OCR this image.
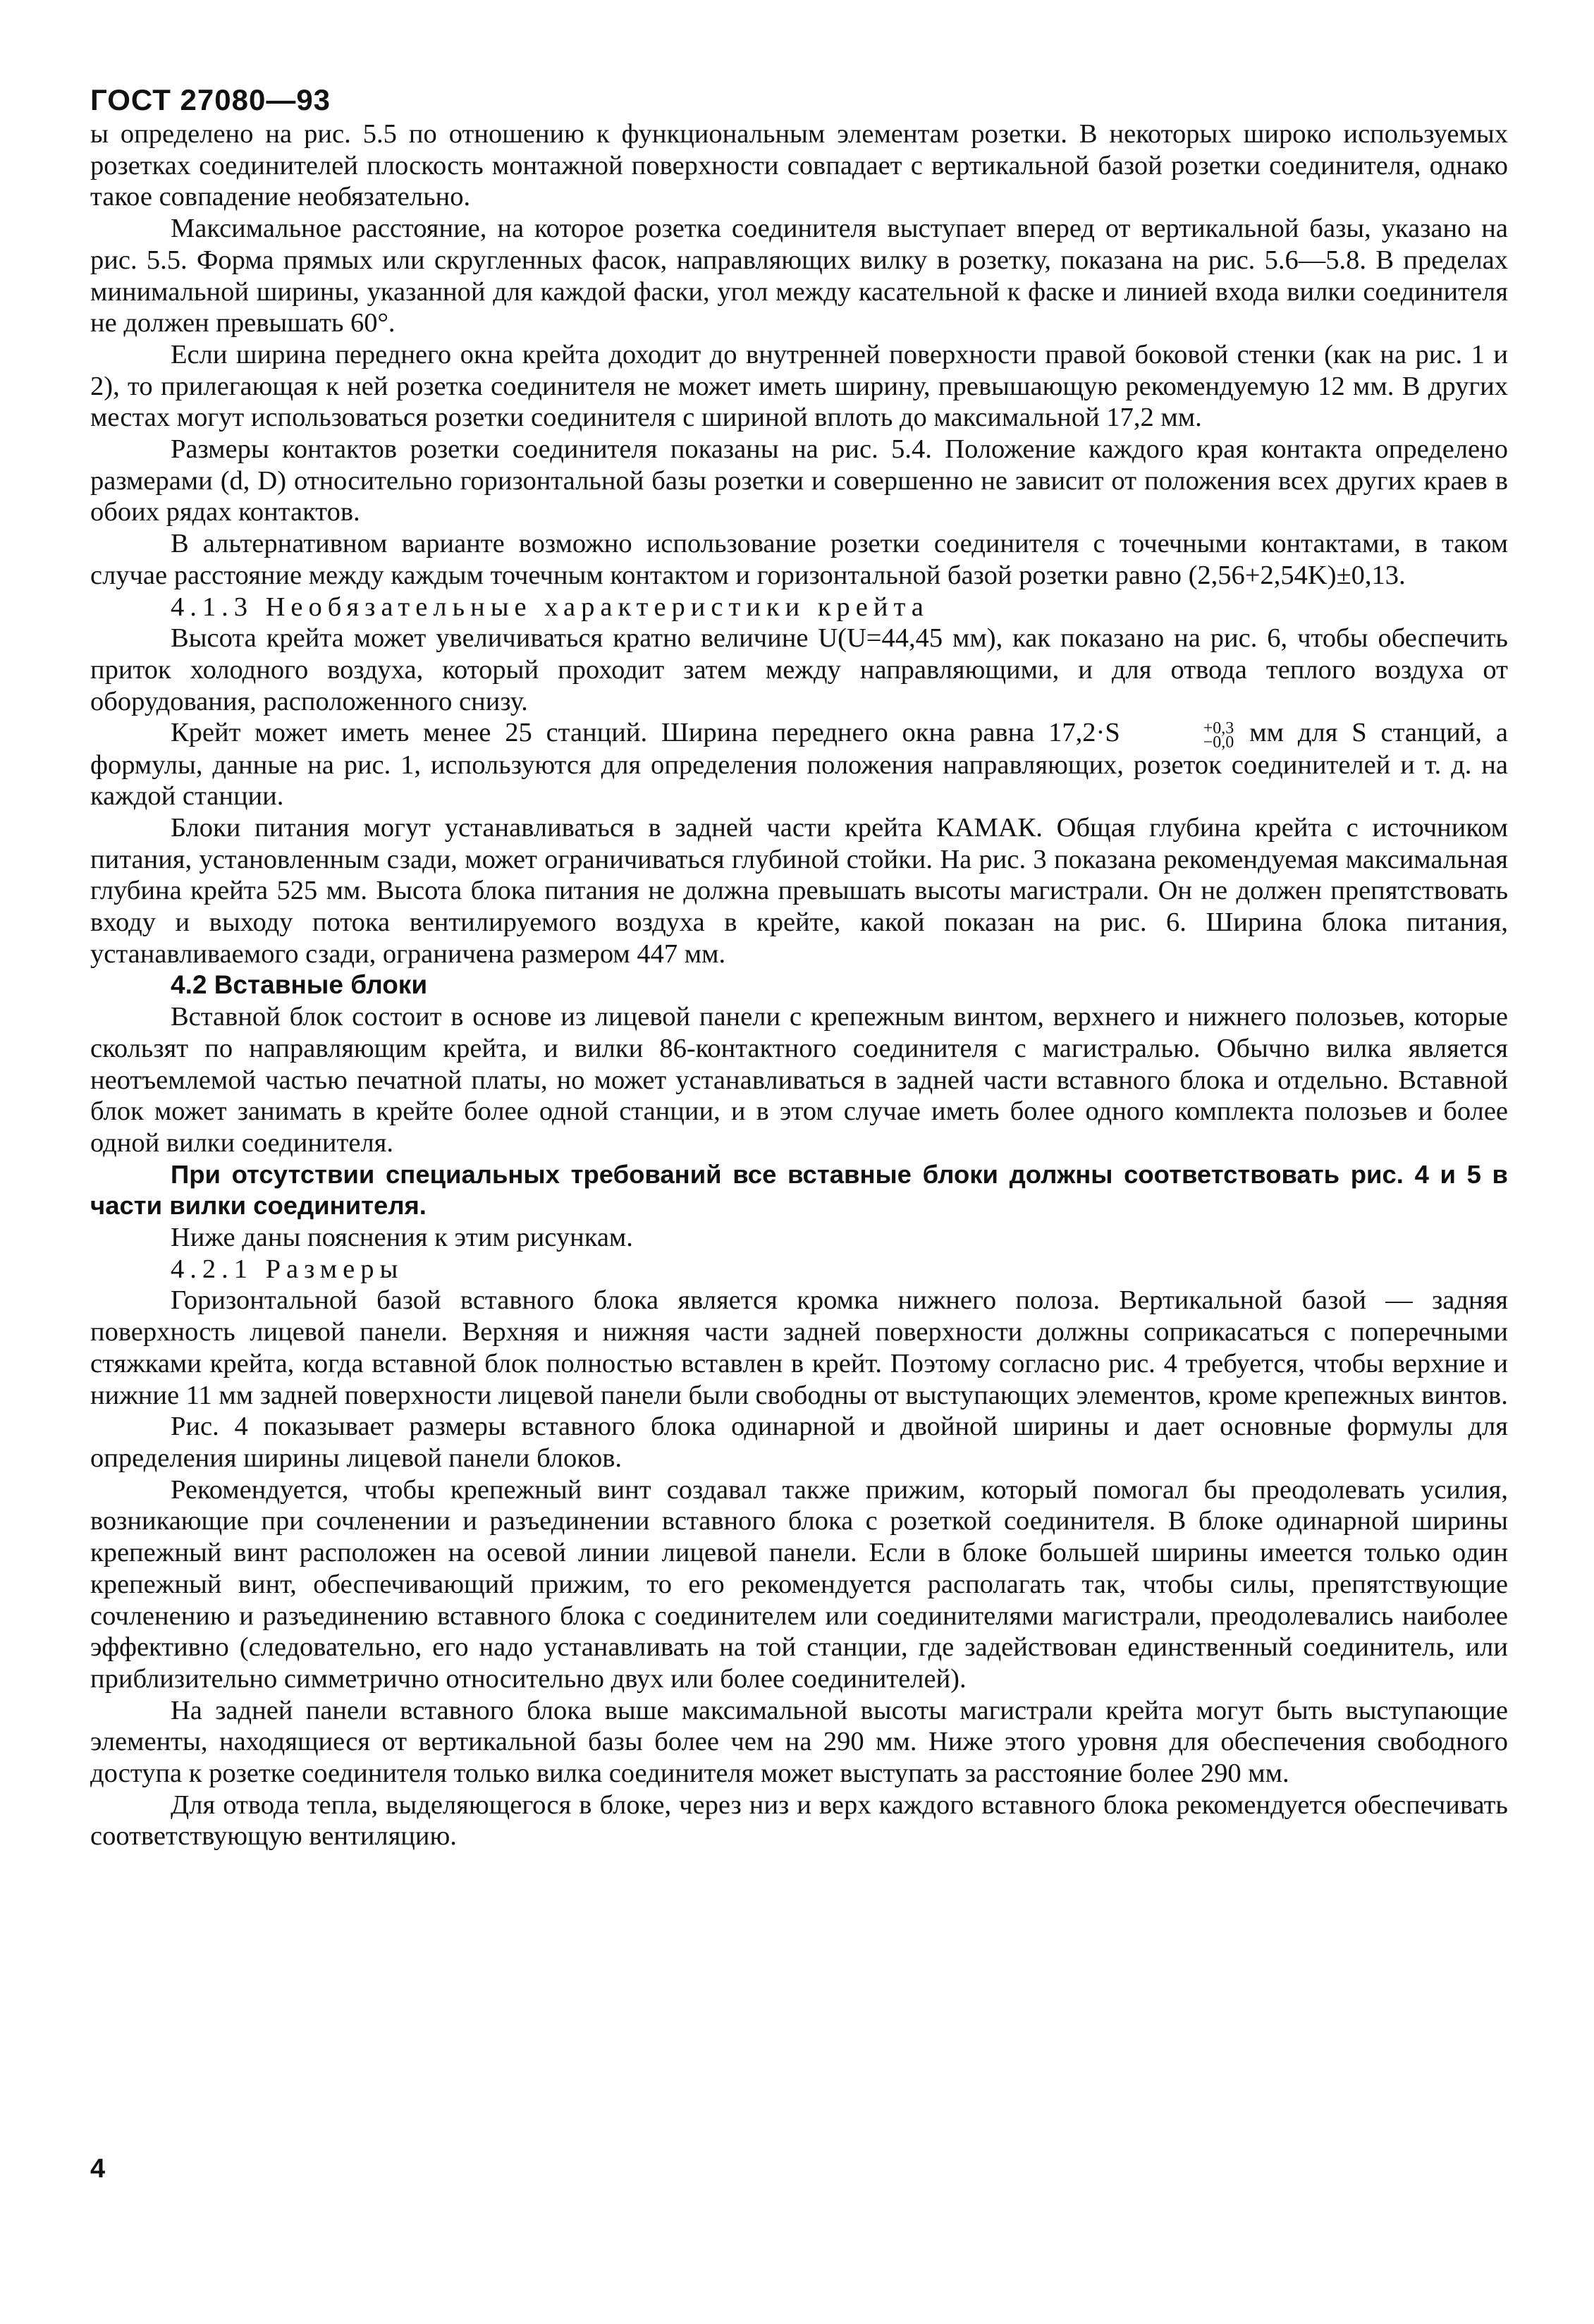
ГОСТ 27080—93

ы определено на рис. 5.5 по отношению к функциональным элементам розетки. В некоторых широко используемых розетках соединителей плоскость монтажной поверхности совпадает с вертикальной базой розетки соединителя, однако такое совпадение необязательно.

Максимальное расстояние, на которое розетка соединителя выступает вперед от вертикальной базы, указано на рис. 5.5. Форма прямых или скругленных фасок, направляющих вилку в розетку, показана на рис. 5.6—5.8. В пределах минимальной ширины, указанной для каждой фаски, угол между касательной к фаске и линией входа вилки соединителя не должен превышать 60°.

Если ширина переднего окна крейта доходит до внутренней поверхности правой боковой стенки (как на рис. 1 и 2), то прилегающая к ней розетка соединителя не может иметь ширину, превышающую рекомендуемую 12 мм. В других местах могут использоваться розетки соединителя с шириной вплоть до максимальной 17,2 мм.

Размеры контактов розетки соединителя показаны на рис. 5.4. Положение каждого края контакта определено размерами (d, D) относительно горизонтальной базы розетки и совершенно не зависит от положения всех других краев в обоих рядах контактов.

В альтернативном варианте возможно использование розетки соединителя с точечными контактами, в таком случае расстояние между каждым точечным контактом и горизонтальной базой розетки равно (2,56+2,54K)±0,13.

4.1.3 Необязательные характеристики крейта

Высота крейта может увеличиваться кратно величине U(U=44,45 мм), как показано на рис. 6, чтобы обеспечить приток холодного воздуха, который проходит затем между направляющими, и для отвода теплого воздуха от оборудования, расположенного снизу.

Крейт может иметь менее 25 станций. Ширина переднего окна равна 17,2·S	+0,3
−0,0 мм для S станций, а формулы, данные на рис. 1, используются для определения положения направляющих, розеток соединителей и т. д. на каждой станции.

Блоки питания могут устанавливаться в задней части крейта КАМАК. Общая глубина крейта с источником питания, установленным сзади, может ограничиваться глубиной стойки. На рис. 3 показана рекомендуемая максимальная глубина крейта 525 мм. Высота блока питания не должна превышать высоты магистрали. Он не должен препятствовать входу и выходу потока вентилируемого воздуха в крейте, какой показан на рис. 6. Ширина блока питания, устанавливаемого сзади, ограничена размером 447 мм.

4.2 Вставные блоки

Вставной блок состоит в основе из лицевой панели с крепежным винтом, верхнего и нижнего полозьев, которые скользят по направляющим крейта, и вилки 86-контактного соединителя с магистралью. Обычно вилка является неотъемлемой частью печатной платы, но может устанавливаться в задней части вставного блока и отдельно. Вставной блок может занимать в крейте более одной станции, и в этом случае иметь более одного комплекта полозьев и более одной вилки соединителя.

При отсутствии специальных требований все вставные блоки должны соответствовать рис. 4 и 5 в части вилки соединителя.

Ниже даны пояснения к этим рисункам.

4.2.1 Размеры

Горизонтальной базой вставного блока является кромка нижнего полоза. Вертикальной базой — задняя поверхность лицевой панели. Верхняя и нижняя части задней поверхности должны соприкасаться с поперечными стяжками крейта, когда вставной блок полностью вставлен в крейт. Поэтому согласно рис. 4 требуется, чтобы верхние и нижние 11 мм задней поверхности лицевой панели были свободны от выступающих элементов, кроме крепежных винтов.

Рис. 4 показывает размеры вставного блока одинарной и двойной ширины и дает основные формулы для определения ширины лицевой панели блоков.

Рекомендуется, чтобы крепежный винт создавал также прижим, который помогал бы преодолевать усилия, возникающие при сочленении и разъединении вставного блока с розеткой соединителя. В блоке одинарной ширины крепежный винт расположен на осевой линии лицевой панели. Если в блоке большей ширины имеется только один крепежный винт, обеспечивающий прижим, то его рекомендуется располагать так, чтобы силы, препятствующие сочленению и разъединению вставного блока с соединителем или соединителями магистрали, преодолевались наиболее эффективно (следовательно, его надо устанавливать на той станции, где задействован единственный соединитель, или приблизительно симметрично относительно двух или более соединителей).

На задней панели вставного блока выше максимальной высоты магистрали крейта могут быть выступающие элементы, находящиеся от вертикальной базы более чем на 290 мм. Ниже этого уровня для обеспечения свободного доступа к розетке соединителя только вилка соединителя может выступать за расстояние более 290 мм.

Для отвода тепла, выделяющегося в блоке, через низ и верх каждого вставного блока рекомендуется обеспечивать соответствующую вентиляцию.

4
